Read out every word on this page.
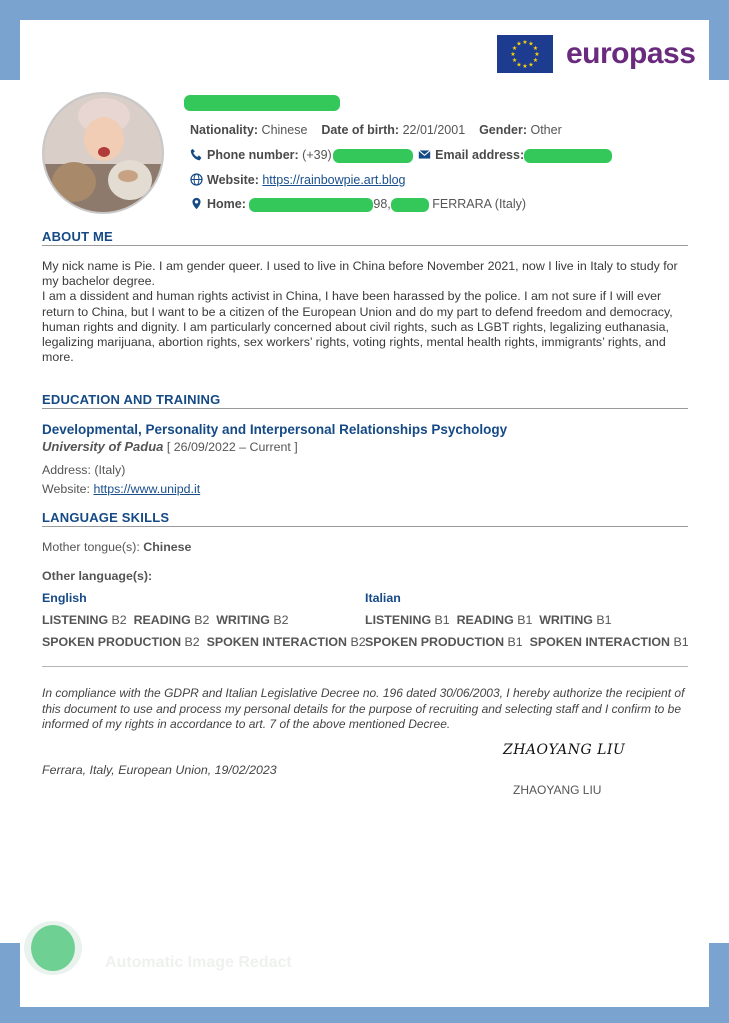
★ ★
★
★
★
★
★
★
★
★
★
★ europass
Nationality: Chinese Date of birth: 22/01/2001 Gender: Other
Phone number: (+39)	Email address:
Website: https://rainbowpie.art.blog
Home:	98,	FERRARA (Italy)
ABOUT ME

My nick name is Pie. I am gender queer. I used to live in China before November 2021, now I live in Italy to study for my bachelor degree.

I am a dissident and human rights activist in China, I have been harassed by the police. I am not sure if I will ever return to China, but I want to be a citizen of the European Union and do my part to defend freedom and democracy, human rights and dignity. I am particularly concerned about civil rights, such as LGBT rights, legalizing euthanasia, legalizing marijuana, abortion rights, sex workers’ rights, voting rights, mental health rights, immigrants’ rights, and more.

EDUCATION AND TRAINING
Developmental, Personality and Interpersonal Relationships Psychology
University of Padua [ 26/09/2022 – Current ]
Address: (Italy)
Website: https://www.unipd.it
LANGUAGE SKILLS
Mother tongue(s): Chinese
Other language(s):
English
LISTENING B2 READING B2 WRITING B2
SPOKEN PRODUCTION B2 SPOKEN INTERACTION B2
Italian
LISTENING B1 READING B1 WRITING B1
SPOKEN PRODUCTION B1 SPOKEN INTERACTION B1
In compliance with the GDPR and Italian Legislative Decree no. 196 dated 30/06/2003, I hereby authorize the recipient of this document to use and process my personal details for the purpose of recruiting and selecting staff and I confirm to be informed of my rights in accordance to art. 7 of the above mentioned Decree.
ZHAOYANG LIU
Ferrara, Italy, European Union, 19/02/2023
ZHAOYANG LIU
Automatic Image Redact
